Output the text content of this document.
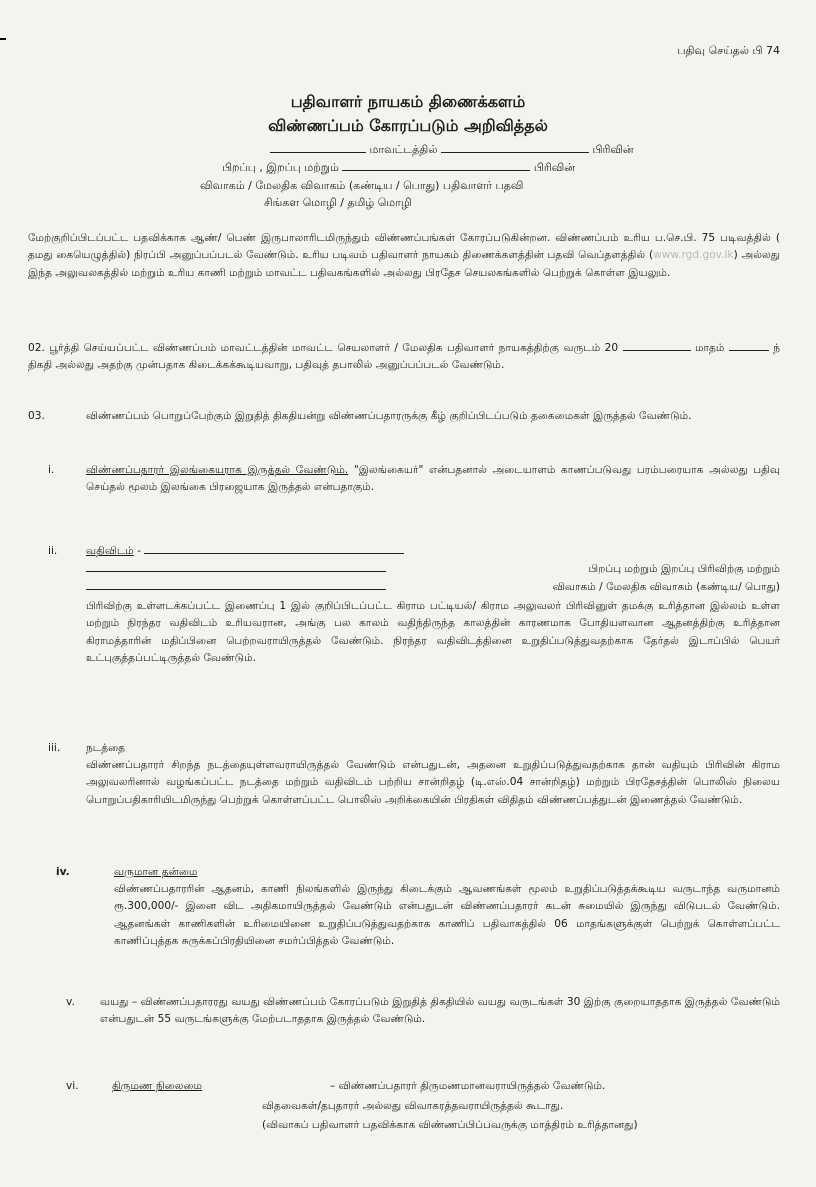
பதிவு செய்தல் பி 74
பதிவாளர் நாயகம் திணைக்களம்
விண்ணப்பம் கோரப்படும் அறிவித்தல்
மாவட்டத்தில்	பிரிவின்
பிறப்பு , இறப்பு மற்றும்	பிரிவின்
விவாகம் / மேலதிக விவாகம் (கண்டிய / பொது) பதிவாளர் பதவி
சிங்கள மொழி / தமிழ் மொழி
மேற்குறிப்பிடப்பட்ட பதவிக்காக ஆண்/ பெண் இருபாலாரிடமிருந்தும் விண்ணப்பங்கள் கோரப்படுகின்றன. விண்ணப்பம் உரிய ப.செ.பி. 75 படிவத்தில் ( தமது கையெழுத்தில்) நிரப்பி அனுப்பப்படல் வேண்டும். உரிய படிவம் பதிவாளர் நாயகம் திணைக்களத்தின் பதவி வெப்தளத்தில் (www.rgd.gov.lk) அல்லது இந்த அலுவலகத்தில் மற்றும் உரிய காணி மற்றும் மாவட்ட பதிவகங்களில் அல்லது பிரதேச செயலகங்களில் பெற்றுக் கொள்ள இயலும்.
02. பூர்த்தி செய்யப்பட்ட விண்ணப்பம் மாவட்டத்தின் மாவட்ட செயலாளர் / மேலதிக பதிவாளர் நாயகத்திற்கு வருடம் 20	மாதம்	ந் திகதி அல்லது அதற்கு முன்பதாக கிடைக்கக்கூடியவாறு, பதிவுத் தபாலில் அனுப்பப்படல் வேண்டும்.
03.	விண்ணப்பம் பொறுப்பேற்கும் இறுதித் திகதியன்று விண்ணப்பதாரருக்கு கீழ் குறிப்பிடப்படும் தகைமைகள் இருத்தல் வேண்டும்.
i.	விண்ணப்பதாரர் இலங்கையராக இருத்தல் வேண்டும். "இலங்கையர்" என்பதனால் அடையாளம் காணப்படுவது பரம்பரையாக அல்லது பதிவு செய்தல் மூலம் இலங்கை பிரஜையாக இருத்தல் என்பதாகும்.
ii.	வதிவிடம் -
பிறப்பு மற்றும் இறப்பு பிரிவிற்கு மற்றும்
விவாகம் / மேலதிக விவாகம் (கண்டிய/ பொது)
பிரிவிற்கு உள்ளடக்கப்பட்ட இணைப்பு 1 இல் குறிப்பிடப்பட்ட கிராம பட்டியல்/ கிராம அலுவலர் பிரிவினுள் தமக்கு உரித்தான இல்லம் உள்ள மற்றும் நிரந்தர வதிவிடம் உரியவரான, அங்கு பல காலம் வதிந்திருந்த காலத்தின் காரணமாக போதியளவான ஆதனத்திற்கு உரித்தான கிராமத்தாரின் மதிப்பினை பெற்றவராயிருத்தல் வேண்டும். நிரந்தர வதிவிடத்தினை உறுதிப்படுத்துவதற்காக தேர்தல் இடாப்பில் பெயர் உட்புகுத்தப்பட்டிருத்தல் வேண்டும்.
iii. நடத்தை
விண்ணப்பதாரர் சிறந்த நடத்தையுள்ளவராயிருத்தல் வேண்டும் என்பதுடன், அதனை உறுதிப்படுத்துவதற்காக தான் வதியும் பிரிவின் கிராம அலுவலரினால் வழங்கப்பட்ட நடத்தை மற்றும் வதிவிடம் பற்றிய சான்றிதழ் (டி.எஸ்.04 சான்றிதழ்) மற்றும் பிரதேசத்தின் பொலிஸ் நிலைய பொறுப்பதிகாரியிடமிருந்து பெற்றுக் கொள்ளப்பட்ட பொலிஸ் அறிக்கையின் பிரதிகள் விதிதம் விண்ணப்பத்துடன் இணைத்தல் வேண்டும்.
iv.	வருமான தன்மை
விண்ணப்பதாரரின் ஆதனம், காணி நிலங்களில் இருந்து கிடைக்கும் ஆவணங்கள் மூலம் உறுதிப்படுத்தக்கூடிய வருடாந்த வருமானம் ரூ.300,000/- இனை விட அதிகமாயிருத்தல் வேண்டும் என்பதுடன் விண்ணப்பதாரர் கடன் சுமையில் இருந்து விடுபடல் வேண்டும். ஆதனங்கள் காணிகளின் உரிமையினை உறுதிப்படுத்துவதற்காக காணிப் பதிவாகத்தில் 06 மாதங்களுக்குள் பெற்றுக் கொள்ளப்பட்ட காணிப்புத்தக சுருக்கப்பிரதியினை சமர்ப்பித்தல் வேண்டும்.
v. வயது – விண்ணப்பதாரரது வயது விண்ணப்பம் கோரப்படும் இறுதித் திகதியில் வயது வருடங்கள் 30 இற்கு குறையாததாக இருத்தல் வேண்டும் என்பதுடன் 55 வருடங்களுக்கு மேற்படாததாக இருத்தல் வேண்டும்.
vi.	திருமண நிலைமை	– விண்ணப்பதாரர் திருமணமானவராயிருத்தல் வேண்டும்.
விதவைகள்/தபுதாரர் அல்லது விவாகரத்தவராயிருத்தல் கூடாது.
(விவாகப் பதிவாளர் பதவிக்காக விண்ணப்பிப்பவருக்கு மாத்திரம் உரித்தானது)
